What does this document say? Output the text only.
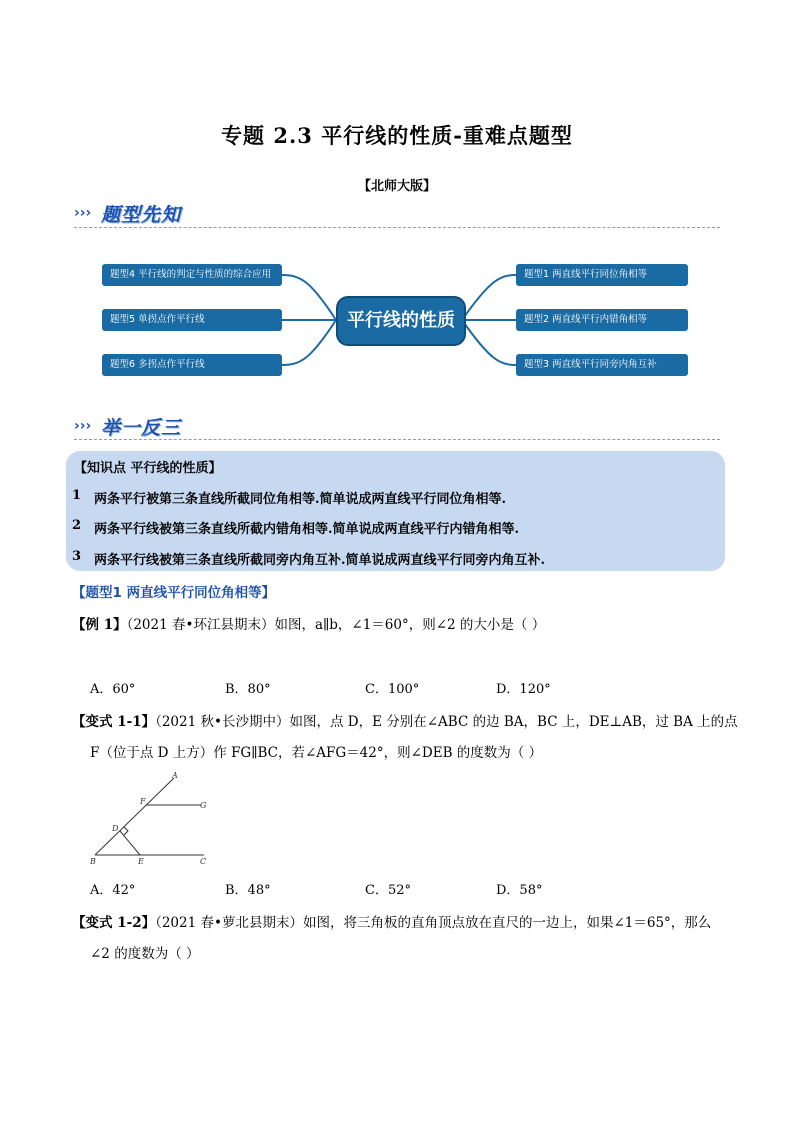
专题 2.3 平行线的性质-重难点题型
【北师大版】
››› 题型先知
题型4 平行线的判定与性质的综合应用
题型5 单拐点作平行线
题型6 多拐点作平行线
平行线的性质
题型1 两直线平行同位角相等
题型2 两直线平行内错角相等
题型3 两直线平行同旁内角互补
››› 举一反三
【知识点 平行线的性质】
1 两条平行被第三条直线所截同位角相等.简单说成两直线平行同位角相等.
2 两条平行线被第三条直线所截内错角相等.简单说成两直线平行内错角相等.
3 两条平行线被第三条直线所截同旁内角互补.简单说成两直线平行同旁内角互补.
【题型1 两直线平行同位角相等】
【例 1】（2021 春•环江县期末）如图，a∥b，∠1＝60°，则∠2 的大小是（ ）
A．60°	B．80°	C．100°	D．120°
【变式 1-1】（2021 秋•长沙期中）如图，点 D，E 分别在∠ABC 的边 BA，BC 上，DE⊥AB，过 BA 上的点
F（位于点 D 上方）作 FG∥BC，若∠AFG＝42°，则∠DEB 的度数为（ ）
A
F	G
D
B	E	C
A．42°	B．48°	C．52°	D．58°
【变式 1-2】（2021 春•萝北县期末）如图，将三角板的直角顶点放在直尺的一边上，如果∠1＝65°，那么
∠2 的度数为（ ）
